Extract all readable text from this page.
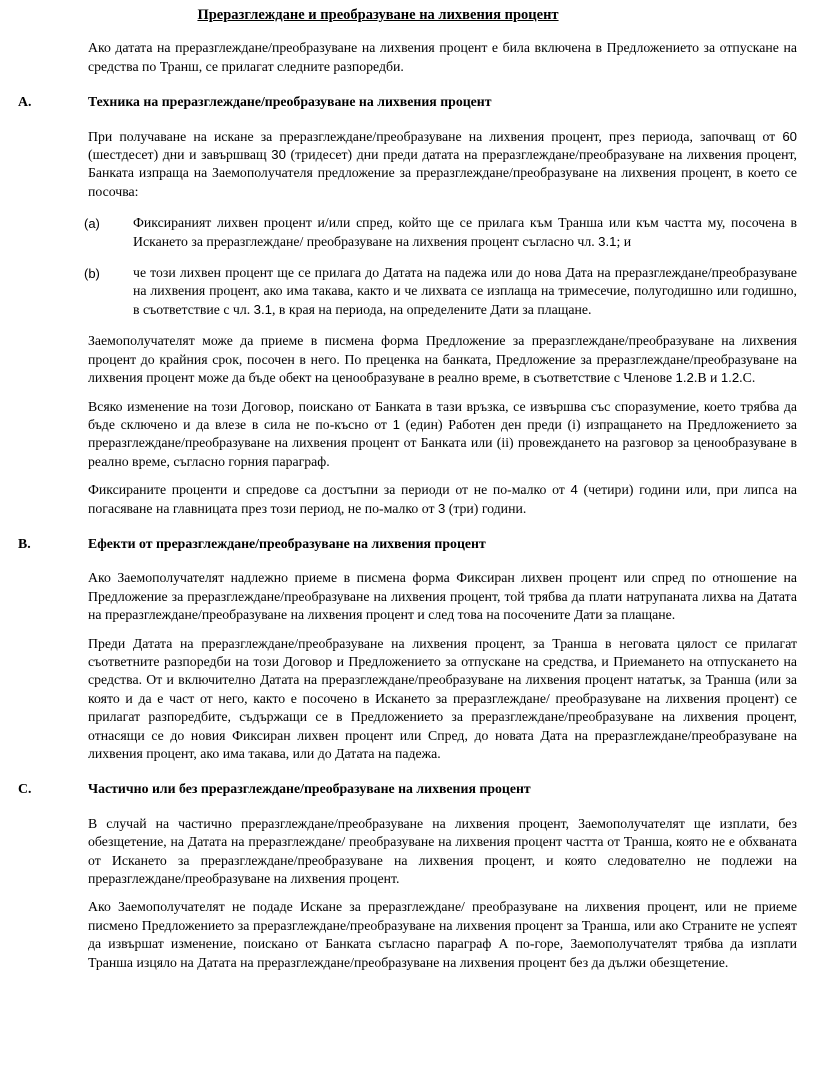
Преразглеждане и преобразуване на лихвения процент

Ако датата на преразглеждане/преобразуване на лихвения процент е била включена в Предложението за отпускане на средства по Транш, се прилагат следните разпоредби.

A.	Техника на преразглеждане/преобразуване на лихвения процент

При получаване на искане за преразглеждане/преобразуване на лихвения процент, през периода, започващ от 60 (шестдесет) дни и завършващ 30 (тридесет) дни преди датата на преразглеждане/преобразуване на лихвения процент, Банката изпраща на Заемополучателя предложение за преразглеждане/преобразуване на лихвения процент, в което се посочва:

(a) Фиксираният лихвен процент и/или спред, който ще се прилага към Транша или към частта му, посочена в Искането за преразглеждане/ преобразуване на лихвения процент съгласно чл. 3.1; и

(b) че този лихвен процент ще се прилага до Датата на падежа или до нова Дата на преразглеждане/преобразуване на лихвения процент, ако има такава, както и че лихвата се изплаща на тримесечие, полугодишно или годишно, в съответствие с чл. 3.1, в края на периода, на определените Дати за плащане.

Заемополучателят може да приеме в писмена форма Предложение за преразглеждане/преобразуване на лихвения процент до крайния срок, посочен в него. По преценка на банката, Предложение за преразглеждане/преобразуване на лихвения процент може да бъде обект на ценообразуване в реално време, в съответствие с Членове 1.2.В и 1.2.С.

Всяко изменение на този Договор, поискано от Банката в тази връзка, се извършва със споразумение, което трябва да бъде сключено и да влезе в сила не по-късно от 1 (един) Работен ден преди (i) изпращането на Предложението за преразглеждане/преобразуване на лихвения процент от Банката или (ii) провеждането на разговор за ценообразуване в реално време, съгласно горния параграф.

Фиксираните проценти и спредове са достъпни за периоди от не по-малко от 4 (четири) години или, при липса на погасяване на главницата през този период, не по-малко от 3 (три) години.

B.	Ефекти от преразглеждане/преобразуване на лихвения процент

Ако Заемополучателят надлежно приеме в писмена форма Фиксиран лихвен процент или спред по отношение на Предложение за преразглеждане/преобразуване на лихвения процент, той трябва да плати натрупаната лихва на Датата на преразглеждане/преобразуване на лихвения процент и след това на посочените Дати за плащане.

Преди Датата на преразглеждане/преобразуване на лихвения процент, за Транша в неговата цялост се прилагат съответните разпоредби на този Договор и Предложението за отпускане на средства, и Приемането на отпускането на средства. От и включително Датата на преразглеждане/преобразуване на лихвения процент нататък, за Транша (или за която и да е част от него, както е посочено в Искането за преразглеждане/ преобразуване на лихвения процент) се прилагат разпоредбите, съдържащи се в Предложението за преразглеждане/преобразуване на лихвения процент, отнасящи се до новия Фиксиран лихвен процент или Спред, до новата Дата на преразглеждане/преобразуване на лихвения процент, ако има такава, или до Датата на падежа.

C.	Частично или без преразглеждане/преобразуване на лихвения процент

В случай на частично преразглеждане/преобразуване на лихвения процент, Заемополучателят ще изплати, без обезщетение, на Датата на преразглеждане/ преобразуване на лихвения процент частта от Транша, която не е обхваната от Искането за преразглеждане/преобразуване на лихвения процент, и която следователно не подлежи на преразглеждане/преобразуване на лихвения процент.

Ако Заемополучателят не подаде Искане за преразглеждане/ преобразуване на лихвения процент, или не приеме писмено Предложението за преразглеждане/преобразуване на лихвения процент за Транша, или ако Страните не успеят да извършат изменение, поискано от Банката съгласно параграф А по-горе, Заемополучателят трябва да изплати Транша изцяло на Датата на преразглеждане/преобразуване на лихвения процент без да дължи обезщетение.
